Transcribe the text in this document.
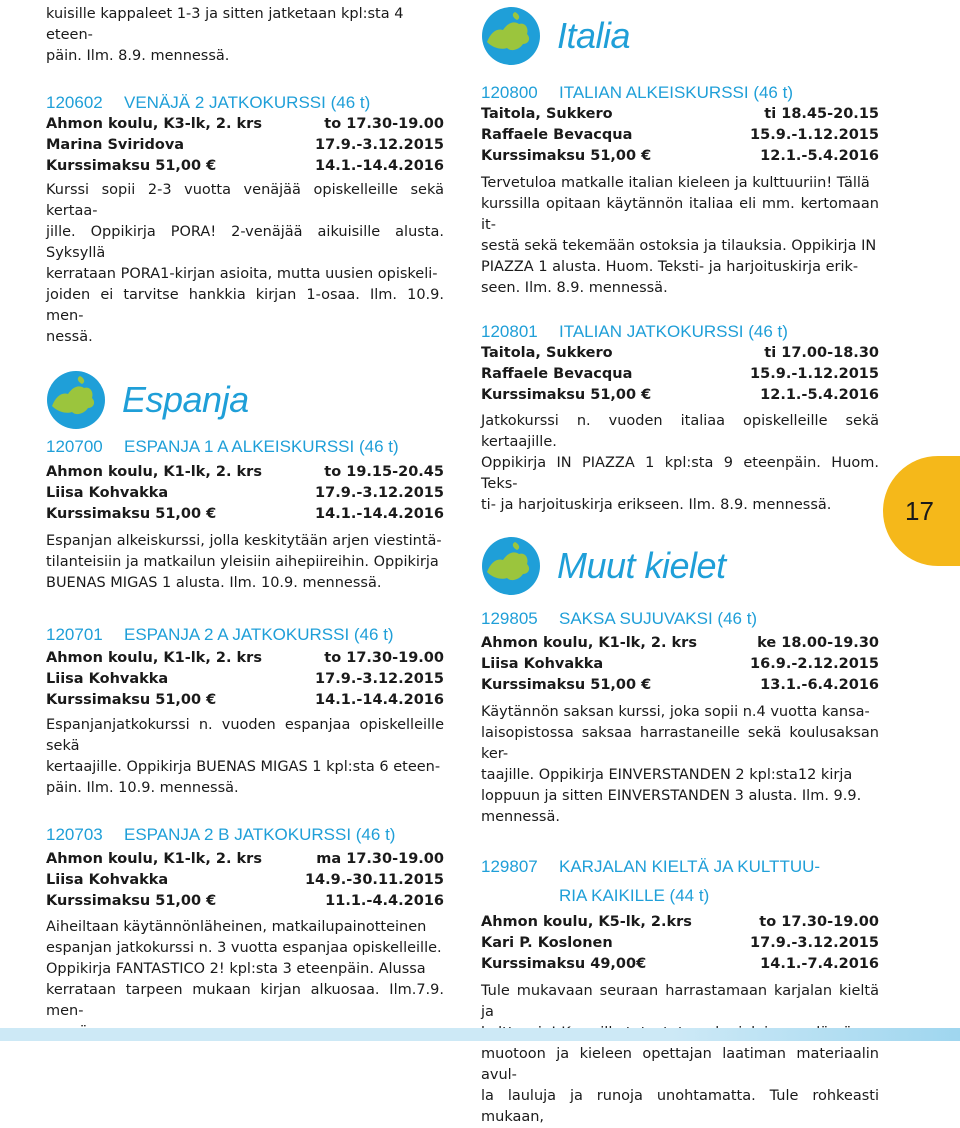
kuisille kappaleet 1-3 ja sitten jatketaan kpl:sta 4 eteen-

päin. Ilm. 8.9. mennessä.

120602	VENÄJÄ 2 JATKOKURSSI (46 t)
Ahmon koulu, K3-lk, 2. krs	to 17.30-19.00
Marina Sviridova	17.9.-3.12.2015
Kurssimaksu 51,00 €	14.1.-14.4.2016

Kurssi sopii 2-3 vuotta venäjää opiskelleille sekä kertaa-

jille. Oppikirja PORA! 2-venäjää aikuisille alusta. Syksyllä

kerrataan PORA1-kirjan asioita, mutta uusien opiskeli-

joiden ei tarvitse hankkia kirjan 1-osaa. Ilm. 10.9. men-

nessä.

Espanja
120700	ESPANJA 1 A ALKEISKURSSI (46 t)
Ahmon koulu, K1-lk, 2. krs	to 19.15-20.45
Liisa Kohvakka	17.9.-3.12.2015
Kurssimaksu 51,00 €	14.1.-14.4.2016

Espanjan alkeiskurssi, jolla keskitytään arjen viestintä-

tilanteisiin ja matkailun yleisiin aihepiireihin. Oppikirja

BUENAS MIGAS 1 alusta. Ilm. 10.9. mennessä.

120701	ESPANJA 2 A JATKOKURSSI (46 t)
Ahmon koulu, K1-lk, 2. krs	to 17.30-19.00
Liisa Kohvakka	17.9.-3.12.2015
Kurssimaksu 51,00 €	14.1.-14.4.2016

Espanjanjatkokurssi n. vuoden espanjaa opiskelleille sekä

kertaajille. Oppikirja BUENAS MIGAS 1 kpl:sta 6 eteen-

päin. Ilm. 10.9. mennessä.

120703	ESPANJA 2 B JATKOKURSSI (46 t)
Ahmon koulu, K1-lk, 2. krs	ma 17.30-19.00
Liisa Kohvakka	14.9.-30.11.2015
Kurssimaksu 51,00 €	11.1.-4.4.2016

Aiheiltaan käytännönläheinen, matkailupainotteinen

espanjan jatkokurssi n. 3 vuotta espanjaa opiskelleille.

Oppikirja FANTASTICO 2! kpl:sta 3 eteenpäin. Alussa

kerrataan tarpeen mukaan kirjan alkuosaa. Ilm.7.9. men-

Italia
120800	ITALIAN ALKEISKURSSI (46 t)
Taitola, Sukkero	ti 18.45-20.15
Raffaele Bevacqua	15.9.-1.12.2015
Kurssimaksu 51,00 €	12.1.-5.4.2016

Tervetuloa matkalle italian kieleen ja kulttuuriin! Tällä

kurssilla opitaan käytännön italiaa eli mm. kertomaan it-

sestä sekä tekemään ostoksia ja tilauksia. Oppikirja IN

PIAZZA 1 alusta. Huom. Teksti- ja harjoituskirja erik-

seen. Ilm. 8.9. mennessä.

120801	ITALIAN JATKOKURSSI (46 t)
Taitola, Sukkero	ti 17.00-18.30
Raffaele Bevacqua	15.9.-1.12.2015
Kurssimaksu 51,00 €	12.1.-5.4.2016

Jatkokurssi n. vuoden italiaa opiskelleille sekä kertaajille.

Oppikirja IN PIAZZA 1 kpl:sta 9 eteenpäin. Huom. Teks-

ti- ja harjoituskirja erikseen. Ilm. 8.9. mennessä.

Muut kielet
129805	SAKSA SUJUVAKSI (46 t)
Ahmon koulu, K1-lk, 2. krs	ke 18.00-19.30
Liisa Kohvakka	16.9.-2.12.2015
Kurssimaksu 51,00 €	13.1.-6.4.2016

Käytännön saksan kurssi, joka sopii n.4 vuotta kansa-

laisopistossa saksaa harrastaneille sekä koulusaksan ker-

taajille. Oppikirja EINVERSTANDEN 2 kpl:sta12 kirja

loppuun ja sitten EINVERSTANDEN 3 alusta. Ilm. 9.9.

mennessä.

129807	KARJALAN KIELTÄ JA KULTTUU-
RIA KAIKILLE (44 t)
Ahmon koulu, K5-lk, 2.krs	to 17.30-19.00
Kari P. Koslonen	17.9.-3.12.2015
Kurssimaksu 49,00€	14.1.-7.4.2016

Tule mukavaan seuraan harrastamaan karjalan kieltä ja

muotoon ja kieleen opettajan laatiman materiaalin avul-

la lauluja ja runoja unohtamatta. Tule rohkeasti mukaan,

17
